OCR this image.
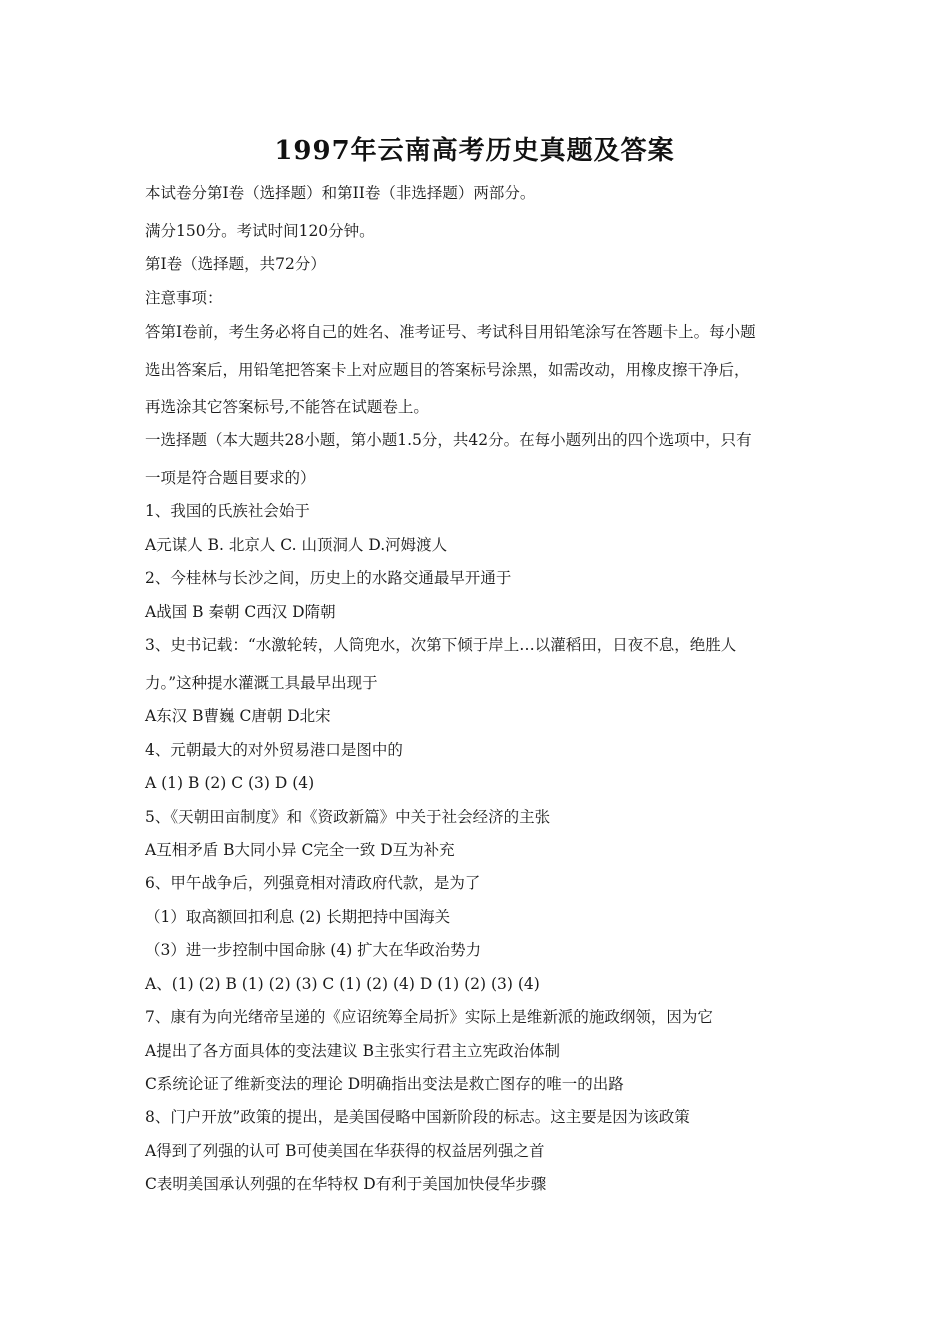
1997年云南高考历史真题及答案

本试卷分第I卷（选择题）和第II卷（非选择题）两部分。

满分150分。考试时间120分钟。

第I卷（选择题，共72分）

注意事项：

答第I卷前，考生务必将自己的姓名、准考证号、考试科目用铅笔涂写在答题卡上。每小题

选出答案后，用铅笔把答案卡上对应题目的答案标号涂黑，如需改动，用橡皮擦干净后，

再选涂其它答案标号,不能答在试题卷上。

一选择题（本大题共28小题，第小题1.5分，共42分。在每小题列出的四个选项中，只有

一项是符合题目要求的）

1、我国的氏族社会始于

A元谋人 B. 北京人 C. 山顶洞人 D.河姆渡人

2、今桂林与长沙之间，历史上的水路交通最早开通于

A战国 B 秦朝 C西汉 D隋朝

3、史书记载：“水激轮转，人筒兜水，次第下倾于岸上…以灌稻田，日夜不息，绝胜人

力。”这种提水灌溉工具最早出现于

A东汉 B曹巍 C唐朝 D北宋

4、元朝最大的对外贸易港口是图中的

A (1) B (2) C (3) D (4)

5、《天朝田亩制度》和《资政新篇》中关于社会经济的主张

A互相矛盾 B大同小异 C完全一致 D互为补充

6、甲午战争后，列强竟相对清政府代款，是为了

（1）取高额回扣利息 (2) 长期把持中国海关

（3）进一步控制中国命脉 (4) 扩大在华政治势力

A、(1) (2) B (1) (2) (3) C (1) (2) (4) D (1) (2) (3) (4)

7、康有为向光绪帝呈递的《应诏统筹全局折》实际上是维新派的施政纲领，因为它

A提出了各方面具体的变法建议 B主张实行君主立宪政治体制

C系统论证了维新变法的理论 D明确指出变法是救亡图存的唯一的出路

8、门户开放”政策的提出，是美国侵略中国新阶段的标志。这主要是因为该政策

A得到了列强的认可 B可使美国在华获得的权益居列强之首

C表明美国承认列强的在华特权 D有利于美国加快侵华步骤
